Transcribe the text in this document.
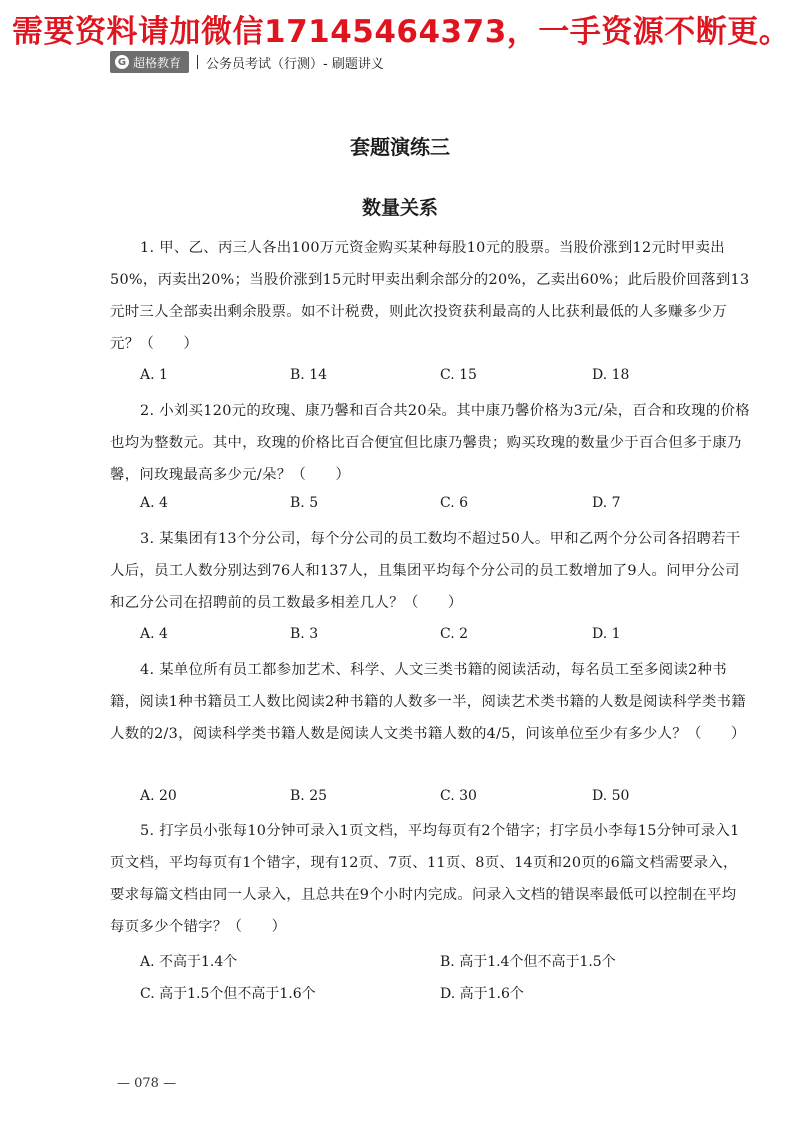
需要资料请加微信17145464373，一手资源不断更。
G 超格教育 公务员考试（行测）- 刷题讲义
套题演练三
数量关系

1. 甲、乙、丙三人各出100万元资金购买某种每股10元的股票。当股价涨到12元时甲卖出50%，丙卖出20%；当股价涨到15元时甲卖出剩余部分的20%，乙卖出60%；此后股价回落到13元时三人全部卖出剩余股票。如不计税费，则此次投资获利最高的人比获利最低的人多赚多少万元？（　　）

A. 1	B. 14	C. 15	D. 18

2. 小刘买120元的玫瑰、康乃馨和百合共20朵。其中康乃馨价格为3元/朵，百合和玫瑰的价格也均为整数元。其中，玫瑰的价格比百合便宜但比康乃馨贵；购买玫瑰的数量少于百合但多于康乃馨，问玫瑰最高多少元/朵？（　　）

A. 4	B. 5	C. 6	D. 7

3. 某集团有13个分公司，每个分公司的员工数均不超过50人。甲和乙两个分公司各招聘若干人后，员工人数分别达到76人和137人，且集团平均每个分公司的员工数增加了9人。问甲分公司和乙分公司在招聘前的员工数最多相差几人？（　　）

A. 4	B. 3	C. 2	D. 1

4. 某单位所有员工都参加艺术、科学、人文三类书籍的阅读活动，每名员工至多阅读2种书籍，阅读1种书籍员工人数比阅读2种书籍的人数多一半，阅读艺术类书籍的人数是阅读科学类书籍人数的2/3，阅读科学类书籍人数是阅读人文类书籍人数的4/5，问该单位至少有多少人？（　　）

A. 20	B. 25	C. 30	D. 50

5. 打字员小张每10分钟可录入1页文档，平均每页有2个错字；打字员小李每15分钟可录入1页文档，平均每页有1个错字，现有12页、7页、11页、8页、14页和20页的6篇文档需要录入，要求每篇文档由同一人录入，且总共在9个小时内完成。问录入文档的错误率最低可以控制在平均每页多少个错字？（　　）

A. 不高于1.4个	B. 高于1.4个但不高于1.5个
C. 高于1.5个但不高于1.6个	D. 高于1.6个
— 078 —
